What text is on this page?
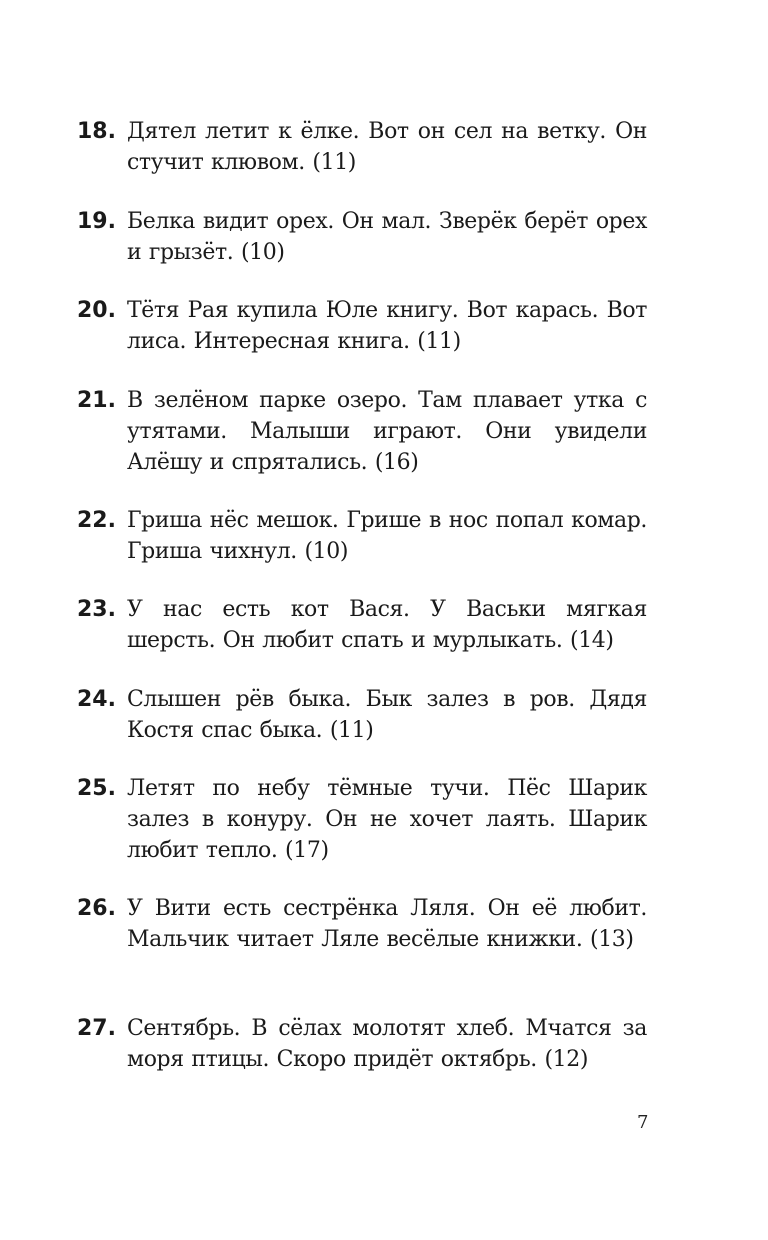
18. Дятел летит к ёлке. Вот он сел на ветку. Он стучит клювом. (11)
19. Белка видит орех. Он мал. Зверёк берёт орех и грызёт. (10)
20. Тётя Рая купила Юле книгу. Вот карась. Вот лиса. Интересная книга. (11)
21. В зелёном парке озеро. Там плавает утка с утятами. Малыши играют. Они увидели Алёшу и спрятались. (16)
22. Гриша нёс мешок. Грише в нос попал комар. Гриша чихнул. (10)
23. У нас есть кот Вася. У Васьки мягкая шерсть. Он любит спать и мурлыкать. (14)
24. Слышен рёв быка. Бык залез в ров. Дядя Костя спас быка. (11)
25. Летят по небу тёмные тучи. Пёс Шарик залез в конуру. Он не хочет лаять. Шарик любит тепло. (17)
26. У Вити есть сестрёнка Ляля. Он её любит. Мальчик читает Ляле весёлые книжки. (13)
27. Сентябрь. В сёлах молотят хлеб. Мчатся за моря птицы. Скоро придёт октябрь. (12)
7
